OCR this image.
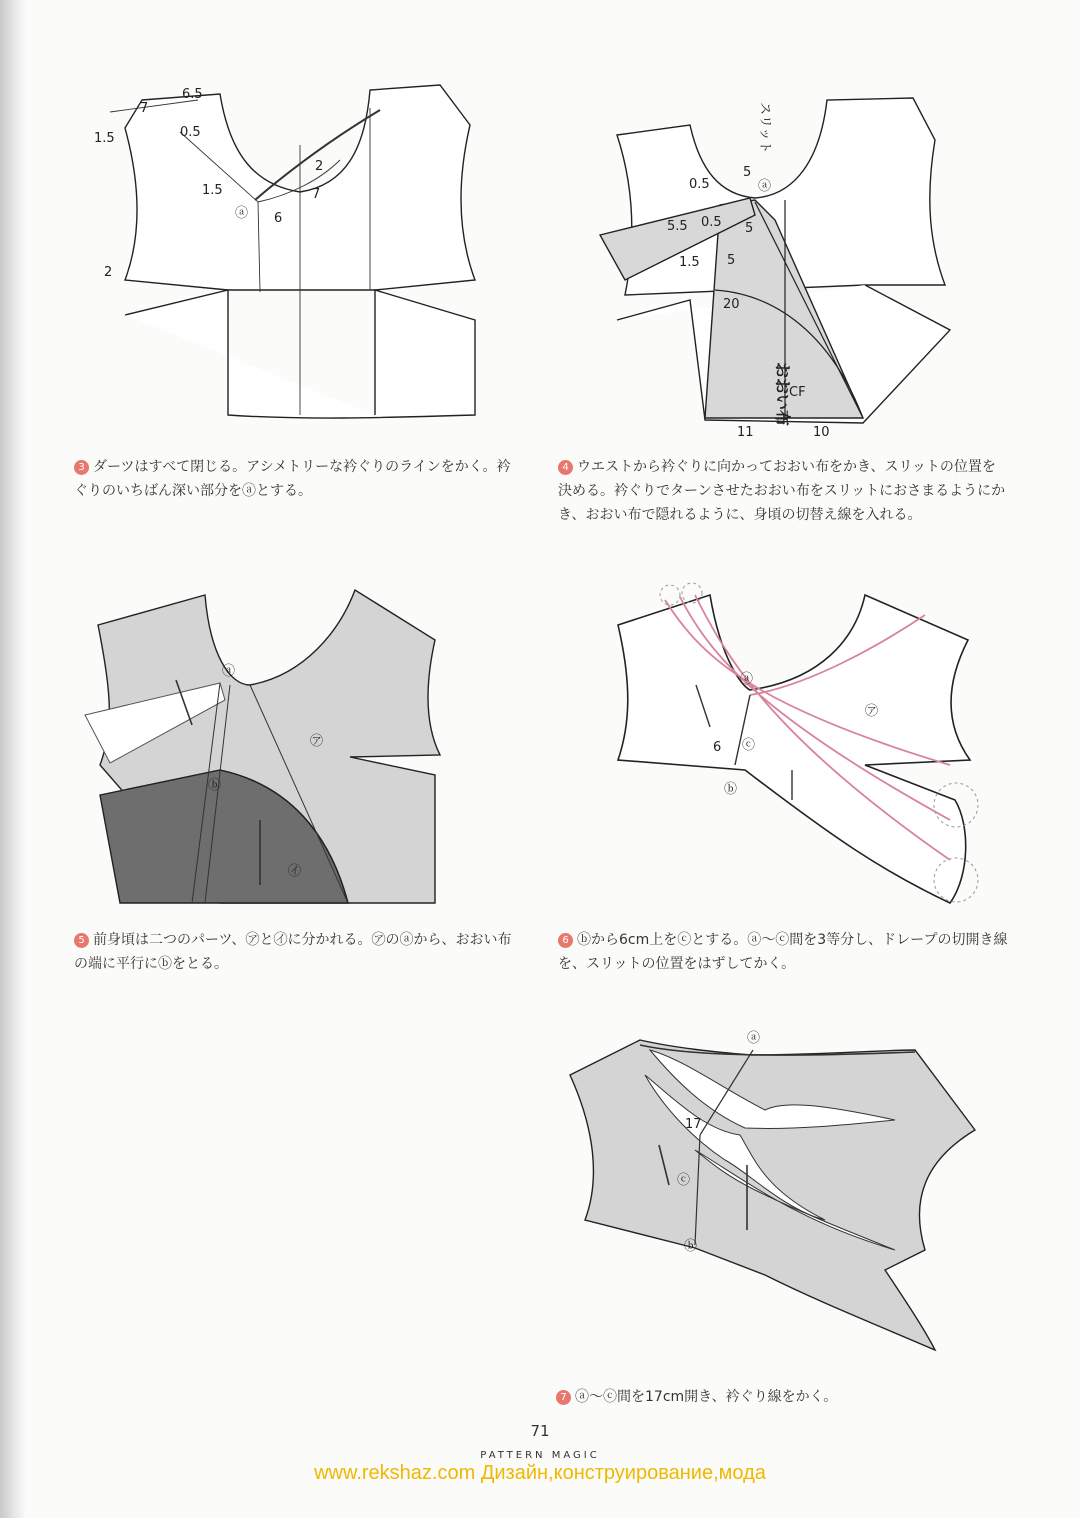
6.5
7
1.5	0.5
1.5
2
7
6
2
ⓐ
3 ダーツはすべて閉じる。アシメトリーな衿ぐりのラインをかく。衿ぐりのいちばん深い部分をⓐとする。
スリット
0.5
5
ⓐ
5.5 0.5 5
1.5 5
20
おおい布
CF
11	10
4 ウエストから衿ぐりに向かっておおい布をかき、スリットの位置を決める。衿ぐりでターンさせたおおい布をスリットにおさまるようにかき、おおい布で隠れるように、身頃の切替え線を入れる。
ⓐ
ⓑ
㋐
㋑
5 前身頃は二つのパーツ、㋐と㋑に分かれる。㋐のⓐから、おおい布の端に平行にⓑをとる。
ⓐ
ⓒ
ⓑ
6
㋐
6 ⓑから6cm上をⓒとする。ⓐ〜ⓒ間を3等分し、ドレープの切開き線を、スリットの位置をはずしてかく。
ⓐ
ⓒ
ⓑ
17
7 ⓐ〜ⓒ間を17cm開き、衿ぐり線をかく。
71
PATTERN MAGIC
www.rekshaz.com Дизайн,конструирование,мода
